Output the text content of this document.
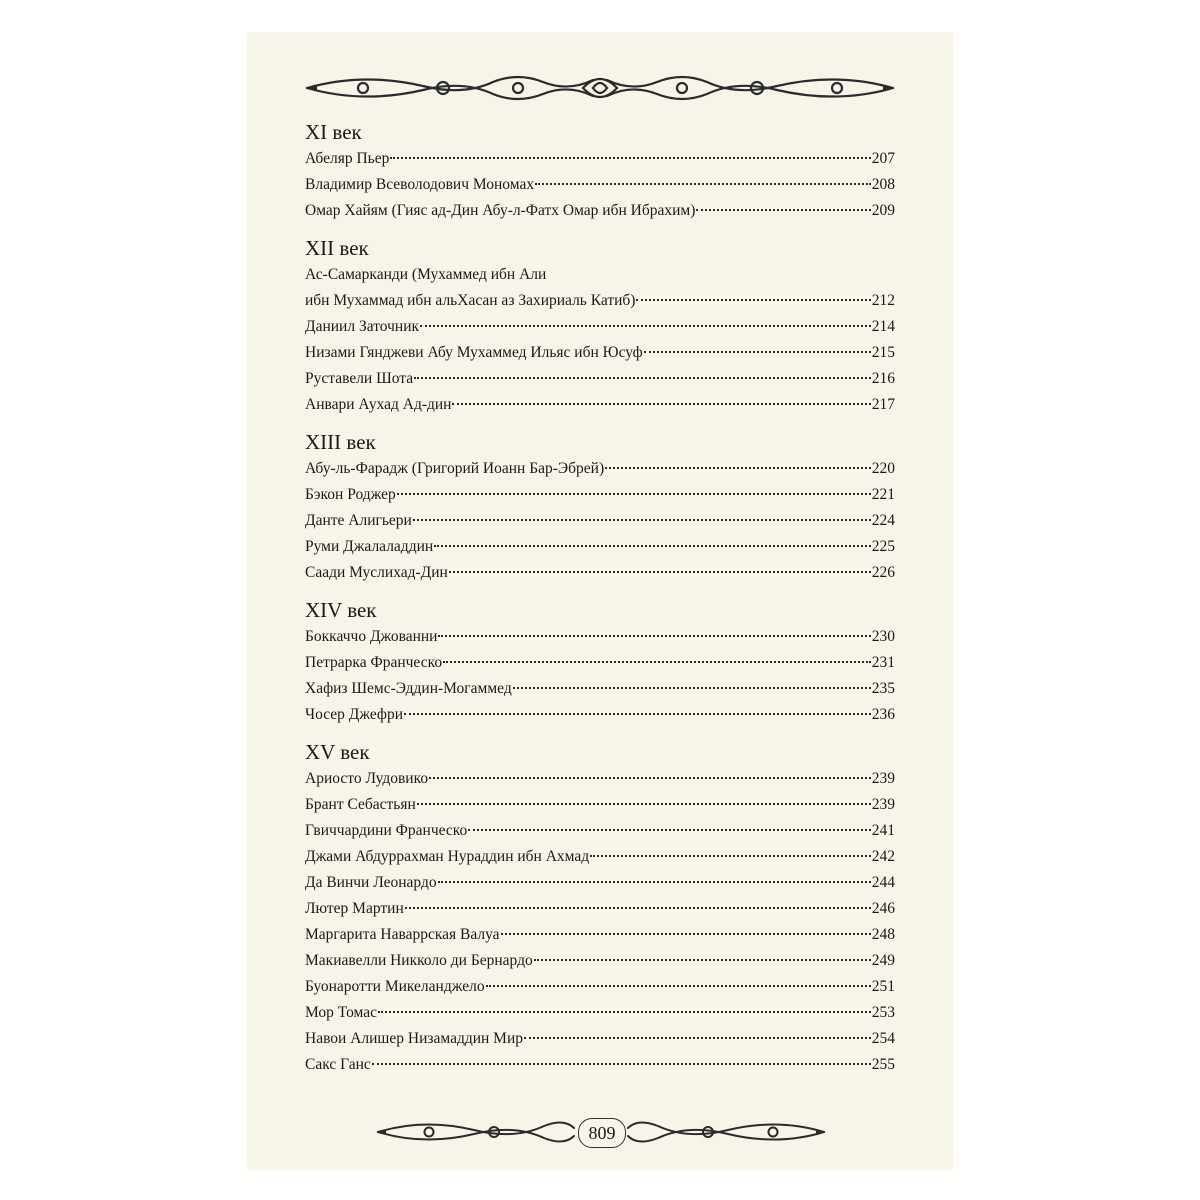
XI век
Абеляр Пьер	207
Владимир Всеволодович Мономах	208
Омар Хайям (Гияс ад-Дин Абу-л-Фатх Омар ибн Ибрахим)	209
XII век
Ас-Самарканди (Мухаммед ибн Али
ибн Мухаммад ибн альХасан аз Захириаль Катиб)	212
Даниил Заточник	214
Низами Гянджеви Абу Мухаммед Ильяс ибн Юсуф	215
Руставели Шота	216
Анвари Аухад Ад-дин	217
XIII век
Абу-ль-Фарадж (Григорий Иоанн Бар-Эбрей)	220
Бэкон Роджер	221
Данте Алигьери	224
Руми Джалаладдин	225
Саади Муслихад-Дин	226
XIV век
Боккаччо Джованни	230
Петрарка Франческо	231
Хафиз Шемс-Эддин-Могаммед	235
Чосер Джефри	236
XV век
Ариосто Лудовико	239
Брант Себастьян	239
Гвиччардини Франческо	241
Джами Абдуррахман Нураддин ибн Ахмад	242
Да Винчи Леонардо	244
Лютер Мартин	246
Маргарита Наваррская Валуа	248
Макиавелли Никколо ди Бернардо	249
Буонаротти Микеланджело	251
Мор Томас	253
Навои Алишер Низамаддин Мир	254
Сакс Ганс	255
809
